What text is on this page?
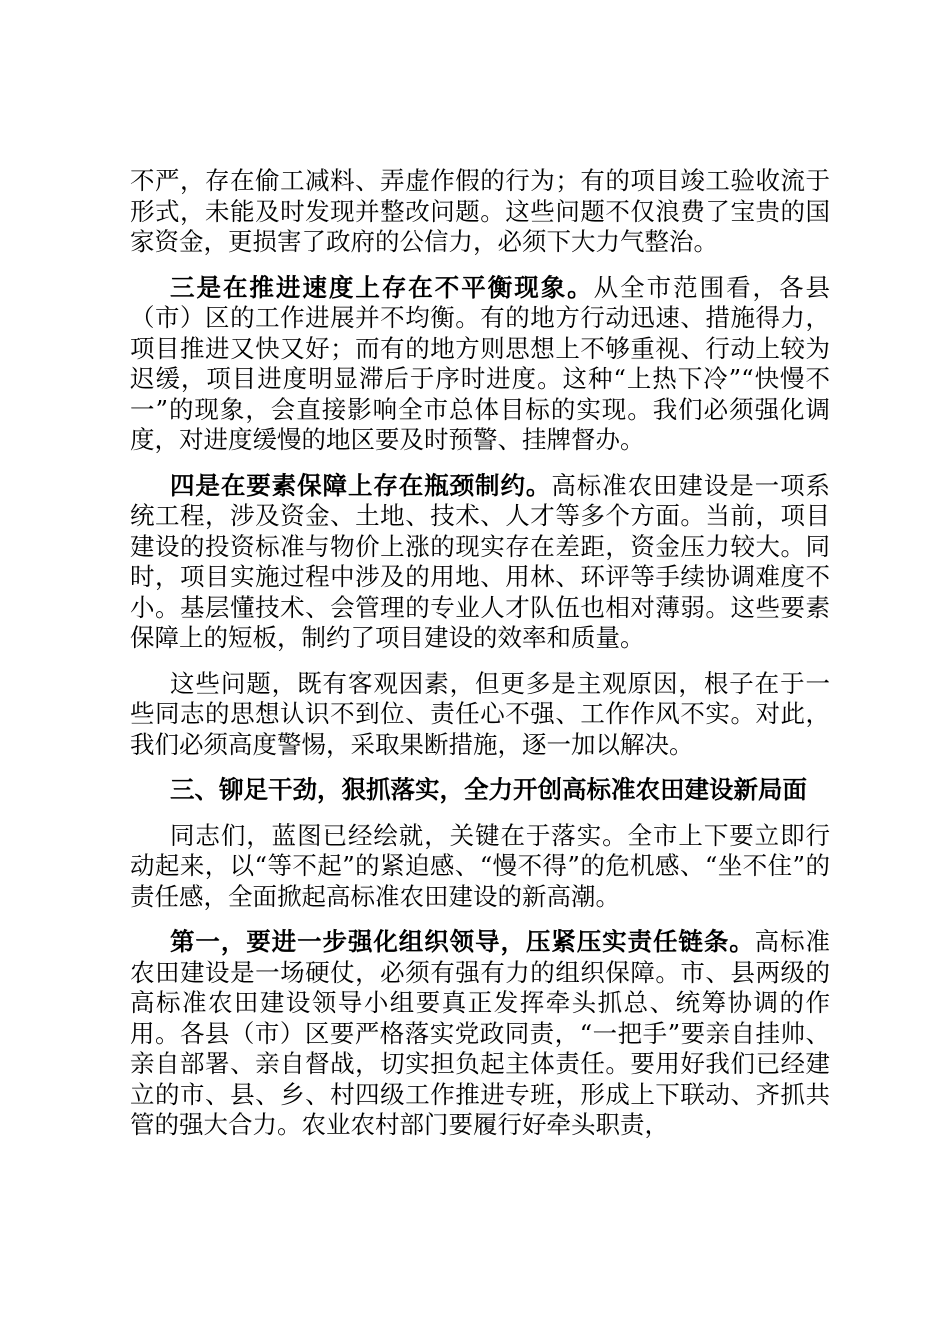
不严，存在偷工减料、弄虚作假的行为；有的项目竣工验收流于形式，未能及时发现并整改问题。这些问题不仅浪费了宝贵的国家资金，更损害了政府的公信力，必须下大力气整治。

三是在推进速度上存在不平衡现象。从全市范围看，各县（市）区的工作进展并不均衡。有的地方行动迅速、措施得力，项目推进又快又好；而有的地方则思想上不够重视、行动上较为迟缓，项目进度明显滞后于序时进度。这种“上热下冷”“快慢不一”的现象，会直接影响全市总体目标的实现。我们必须强化调度，对进度缓慢的地区要及时预警、挂牌督办。

四是在要素保障上存在瓶颈制约。高标准农田建设是一项系统工程，涉及资金、土地、技术、人才等多个方面。当前，项目建设的投资标准与物价上涨的现实存在差距，资金压力较大。同时，项目实施过程中涉及的用地、用林、环评等手续协调难度不小。基层懂技术、会管理的专业人才队伍也相对薄弱。这些要素保障上的短板，制约了项目建设的效率和质量。

这些问题，既有客观因素，但更多是主观原因，根子在于一些同志的思想认识不到位、责任心不强、工作作风不实。对此，我们必须高度警惕，采取果断措施，逐一加以解决。

三、铆足干劲，狠抓落实，全力开创高标准农田建设新局面

同志们，蓝图已经绘就，关键在于落实。全市上下要立即行动起来，以“等不起”的紧迫感、“慢不得”的危机感、“坐不住”的责任感，全面掀起高标准农田建设的新高潮。

第一，要进一步强化组织领导，压紧压实责任链条。高标准农田建设是一场硬仗，必须有强有力的组织保障。市、县两级的高标准农田建设领导小组要真正发挥牵头抓总、统筹协调的作用。各县（市）区要严格落实党政同责，“一把手”要亲自挂帅、亲自部署、亲自督战，切实担负起主体责任。要用好我们已经建立的市、县、乡、村四级工作推进专班，形成上下联动、齐抓共管的强大合力。农业农村部门要履行好牵头职责，
